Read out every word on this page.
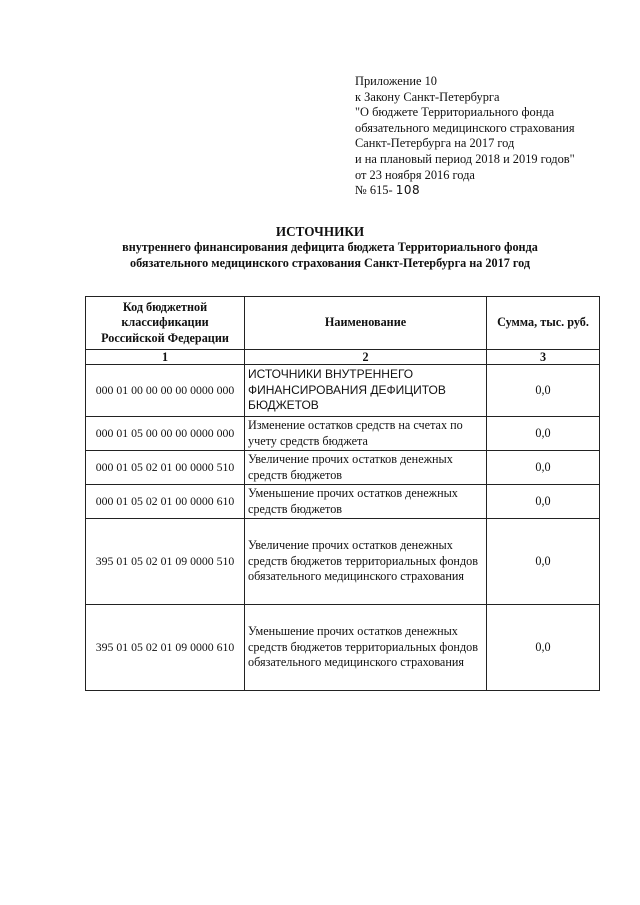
Приложение 10
к Закону Санкт-Петербурга
"О бюджете Территориального фонда
обязательного медицинского страхования
Санкт-Петербурга на 2017 год
и на плановый период 2018 и 2019 годов"
от 23 ноября 2016 года
№ 615- 108
ИСТОЧНИКИ
внутреннего финансирования дефицита бюджета Территориального фонда обязательного медицинского страхования Санкт-Петербурга на 2017 год
Код бюджетной классификации Российской Федерации	Наименование	Сумма, тыс. руб.
1	2	3
000 01 00 00 00 00 0000 000	ИСТОЧНИКИ ВНУТРЕННЕГО ФИНАНСИРОВАНИЯ ДЕФИЦИТОВ БЮДЖЕТОВ	0,0
000 01 05 00 00 00 0000 000	Изменение остатков средств на счетах по учету средств бюджета	0,0
000 01 05 02 01 00 0000 510	Увеличение прочих остатков денежных средств бюджетов	0,0
000 01 05 02 01 00 0000 610	Уменьшение прочих остатков денежных средств бюджетов	0,0
395 01 05 02 01 09 0000 510	Увеличение прочих остатков денежных средств бюджетов территориальных фондов обязательного медицинского страхования	0,0
395 01 05 02 01 09 0000 610	Уменьшение прочих остатков денежных средств бюджетов территориальных фондов обязательного медицинского страхования	0,0
